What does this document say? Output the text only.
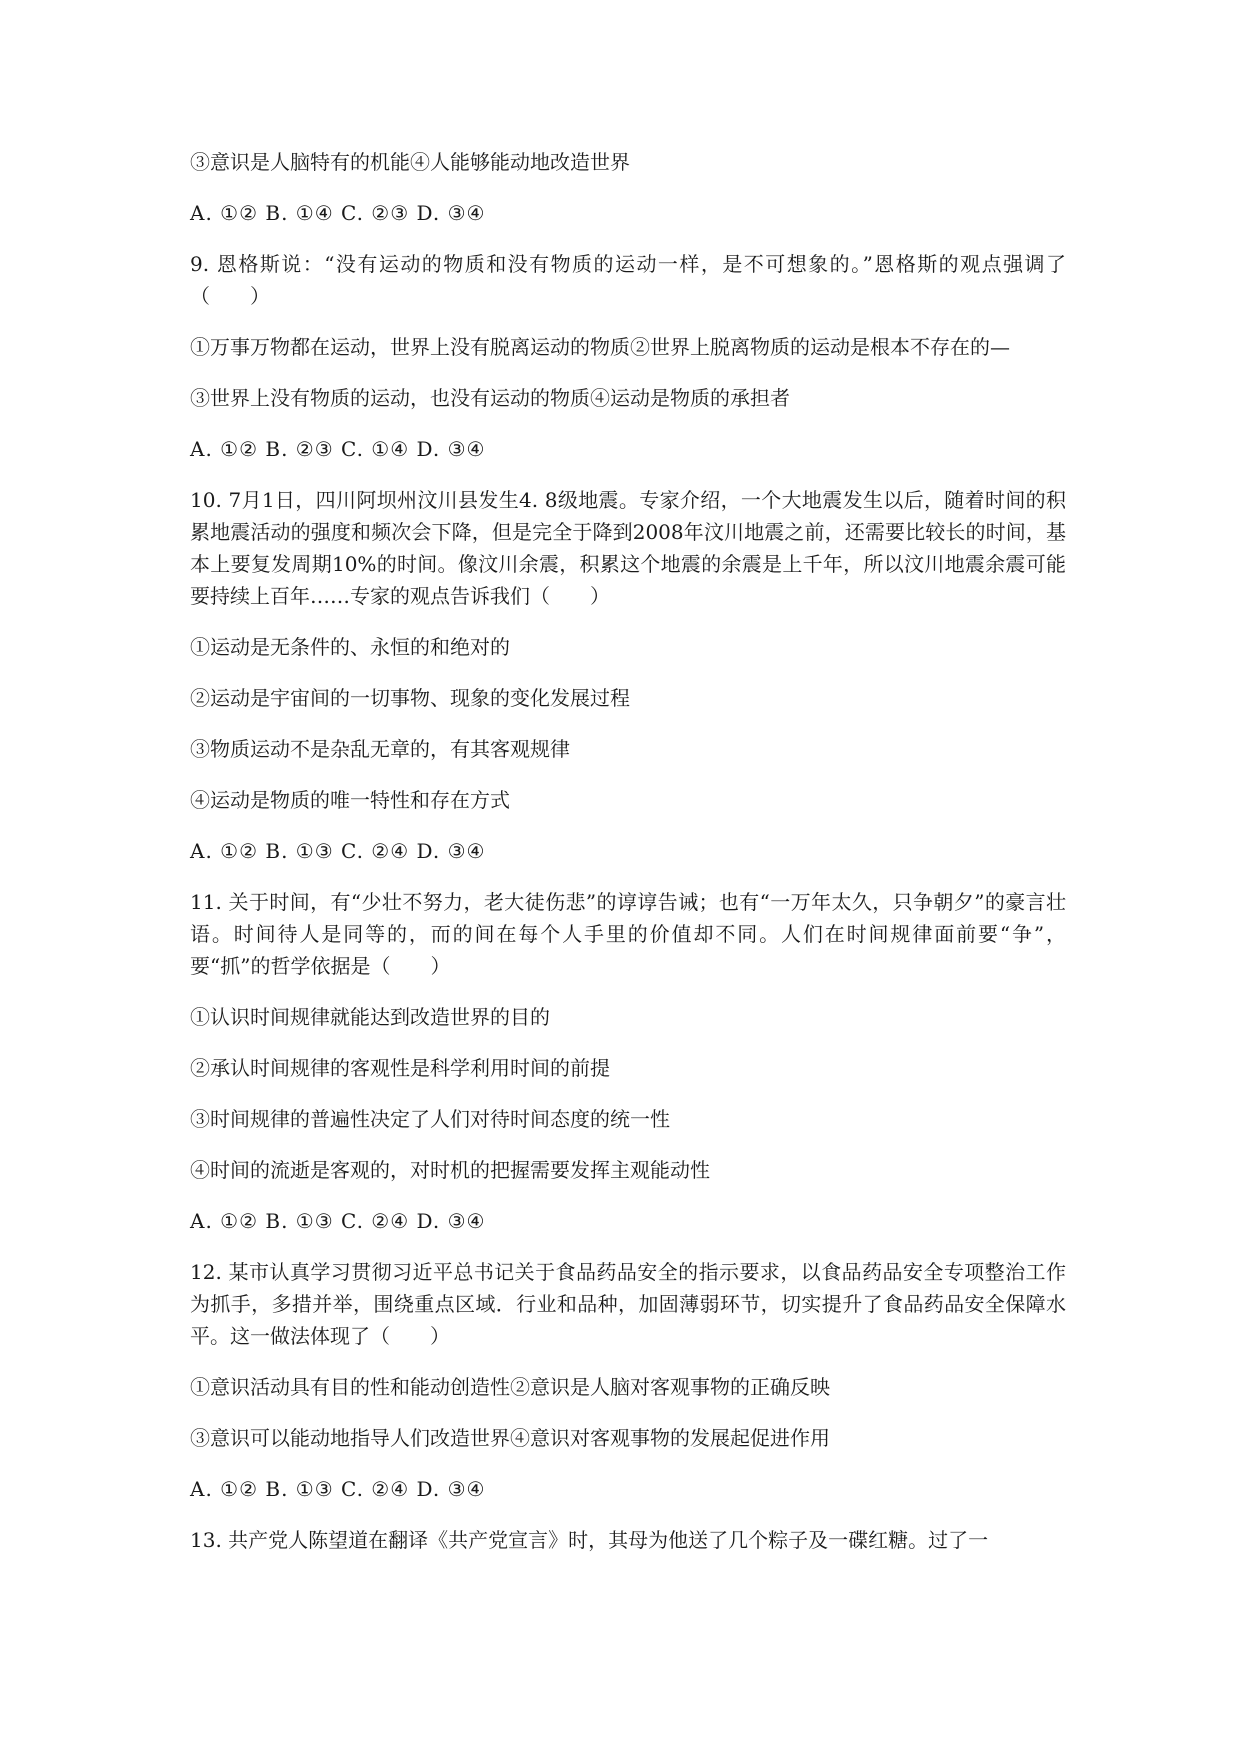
③意识是人脑特有的机能④人能够能动地改造世界

A. ①② B. ①④ C. ②③ D. ③④

9. 恩格斯说：“没有运动的物质和没有物质的运动一样，是不可想象的。”恩格斯的观点强调了（　　）

①万事万物都在运动，世界上没有脱离运动的物质②世界上脱离物质的运动是根本不存在的—

③世界上没有物质的运动，也没有运动的物质④运动是物质的承担者

A. ①② B. ②③ C. ①④ D. ③④

10. 7月1日，四川阿坝州汶川县发生4. 8级地震。专家介绍，一个大地震发生以后，随着时间的积累地震活动的强度和频次会下降，但是完全于降到2008年汶川地震之前，还需要比较长的时间，基本上要复发周期10%的时间。像汶川余震，积累这个地震的余震是上千年，所以汶川地震余震可能要持续上百年……专家的观点告诉我们（　　）

①运动是无条件的、永恒的和绝对的

②运动是宇宙间的一切事物、现象的变化发展过程

③物质运动不是杂乱无章的，有其客观规律

④运动是物质的唯一特性和存在方式

A. ①② B. ①③ C. ②④ D. ③④

11. 关于时间，有“少壮不努力，老大徒伤悲”的谆谆告诫；也有“一万年太久，只争朝夕”的豪言壮语。时间待人是同等的，而的间在每个人手里的价值却不同。人们在时间规律面前要“争”，要“抓”的哲学依据是（　　）

①认识时间规律就能达到改造世界的目的

②承认时间规律的客观性是科学利用时间的前提

③时间规律的普遍性决定了人们对待时间态度的统一性

④时间的流逝是客观的，对时机的把握需要发挥主观能动性

A. ①② B. ①③ C. ②④ D. ③④

12. 某市认真学习贯彻习近平总书记关于食品药品安全的指示要求，以食品药品安全专项整治工作为抓手，多措并举，围绕重点区域．行业和品种，加固薄弱环节，切实提升了食品药品安全保障水平。这一做法体现了（　　）

①意识活动具有目的性和能动创造性②意识是人脑对客观事物的正确反映

③意识可以能动地指导人们改造世界④意识对客观事物的发展起促进作用

A. ①② B. ①③ C. ②④ D. ③④

13. 共产党人陈望道在翻译《共产党宣言》时，其母为他送了几个粽子及一碟红糖。过了一
